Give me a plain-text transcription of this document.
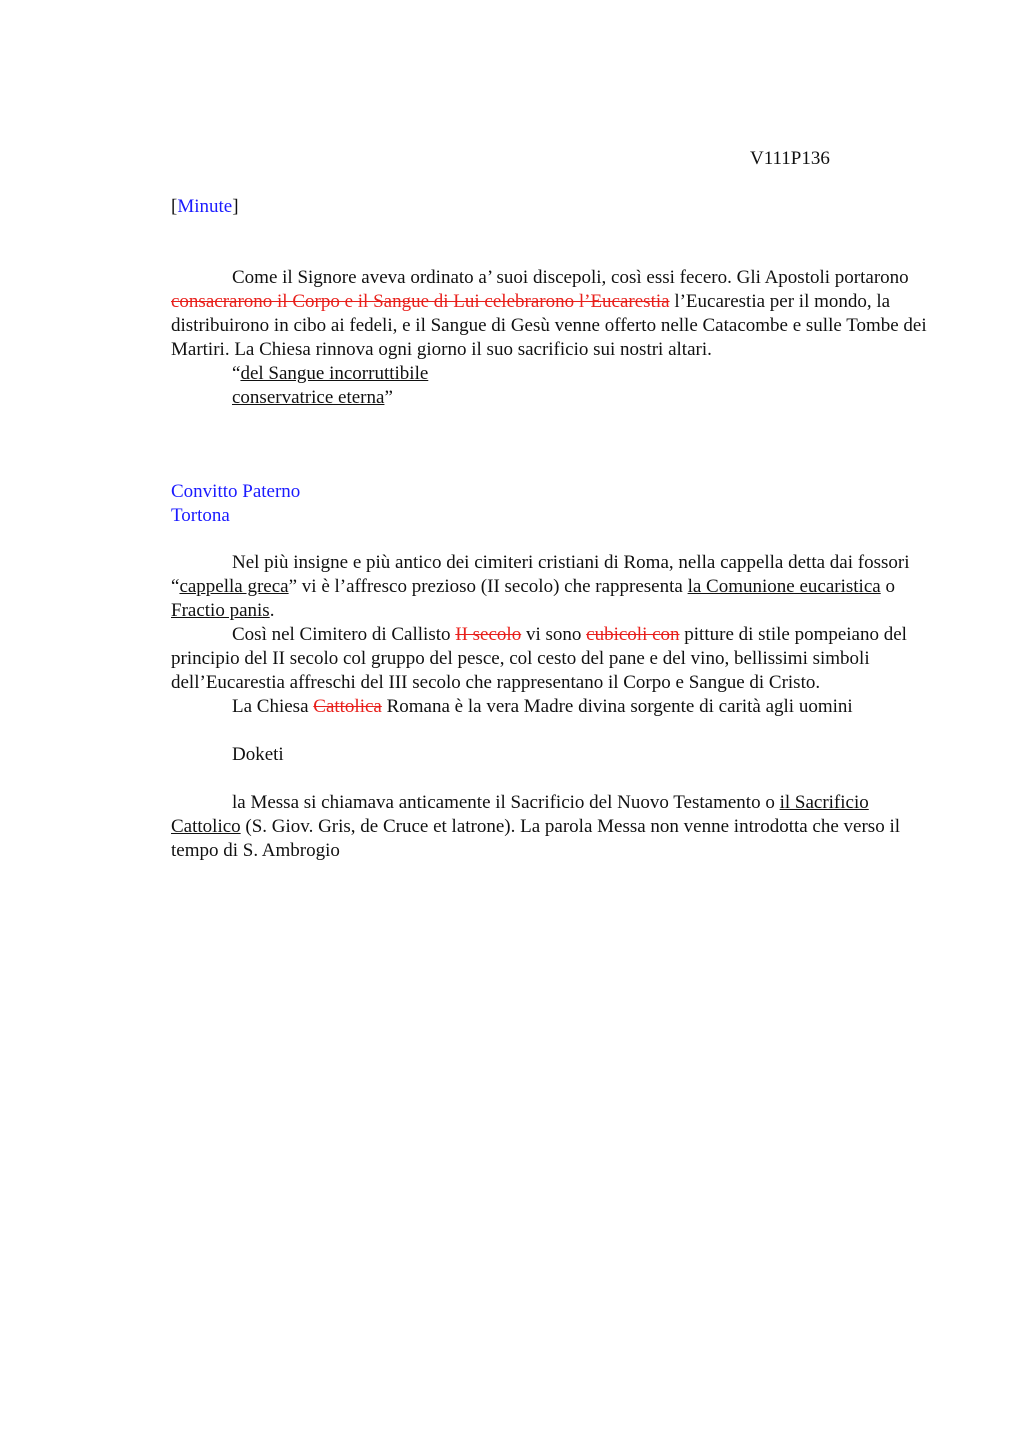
V111P136
[Minute]

Come il Signore aveva ordinato a’ suoi discepoli, così essi fecero. Gli Apostoli portarono consacrarono il Corpo e il Sangue di Lui celebrarono l’Eucarestia l’Eucarestia per il mondo, la distribuirono in cibo ai fedeli, e il Sangue di Gesù venne offerto nelle Catacombe e sulle Tombe dei Martiri. La Chiesa rinnova ogni giorno il suo sacrificio sui nostri altari.

“del Sangue incorruttibile

conservatrice eterna”

Convitto Paterno

Tortona

Nel più insigne e più antico dei cimiteri cristiani di Roma, nella cappella detta dai fossori “cappella greca” vi è l’affresco prezioso (II secolo) che rappresenta la Comunione eucaristica o Fractio panis.

Così nel Cimitero di Callisto II secolo vi sono cubicoli con pitture di stile pompeiano del principio del II secolo col gruppo del pesce, col cesto del pane e del vino, bellissimi simboli dell’Eucarestia affreschi del III secolo che rappresentano il Corpo e Sangue di Cristo.

La Chiesa Cattolica Romana è la vera Madre divina sorgente di carità agli uomini

Doketi

la Messa si chiamava anticamente il Sacrificio del Nuovo Testamento o il Sacrificio Cattolico (S. Giov. Gris, de Cruce et latrone). La parola Messa non venne introdotta che verso il tempo di S. Ambrogio
